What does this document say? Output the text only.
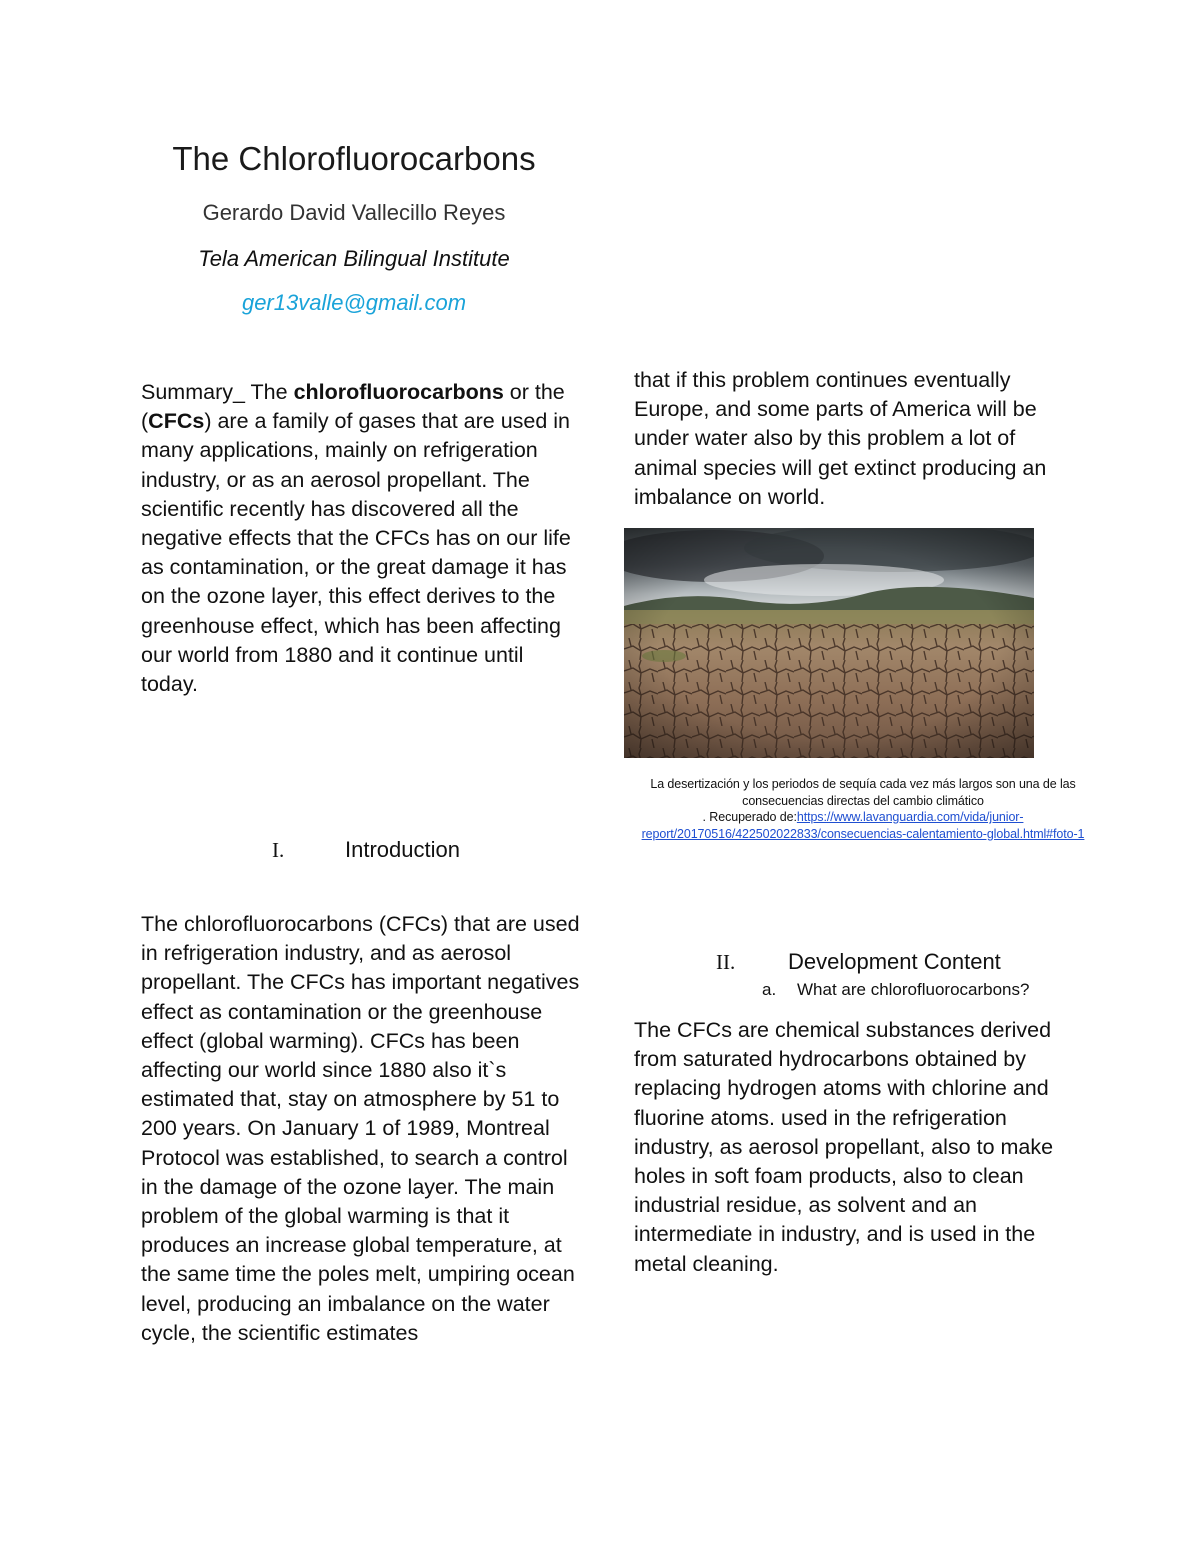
The Chlorofluorocarbons
Gerardo David Vallecillo Reyes
Tela American Bilingual Institute
ger13valle@gmail.com
Summary_ The chlorofluorocarbons or the (CFCs) are a family of gases that are used in many applications, mainly on refrigeration industry, or as an aerosol propellant. The scientific recently has discovered all the negative effects that the CFCs has on our life as contamination, or the great damage it has on the ozone layer, this effect derives to the greenhouse effect, which has been affecting our world from 1880 and it continue until today.
I.	Introduction
The chlorofluorocarbons (CFCs) that are used in refrigeration industry, and as aerosol propellant. The CFCs has important negatives effect as contamination or the greenhouse effect (global warming). CFCs has been affecting our world since 1880 also it`s estimated that, stay on atmosphere by 51 to 200 years. On January 1 of 1989, Montreal Protocol was established, to search a control in the damage of the ozone layer. The main problem of the global warming is that it produces an increase global temperature, at the same time the poles melt, umpiring ocean level, producing an imbalance on the water cycle, the scientific estimates
that if this problem continues eventually Europe, and some parts of America will be under water also by this problem a lot of animal species will get extinct producing an imbalance on world.
La desertización y los periodos de sequía cada vez más largos son una de las consecuencias directas del cambio climático
. Recuperado de:https://www.lavanguardia.com/vida/junior-report/20170516/422502022833/consecuencias-calentamiento-global.html#foto-1
II. Development Content
a. What are chlorofluorocarbons?
The CFCs are chemical substances derived from saturated hydrocarbons obtained by replacing hydrogen atoms with chlorine and fluorine atoms. used in the refrigeration industry, as aerosol propellant, also to make holes in soft foam products, also to clean industrial residue, as solvent and an intermediate in industry, and is used in the metal cleaning.
